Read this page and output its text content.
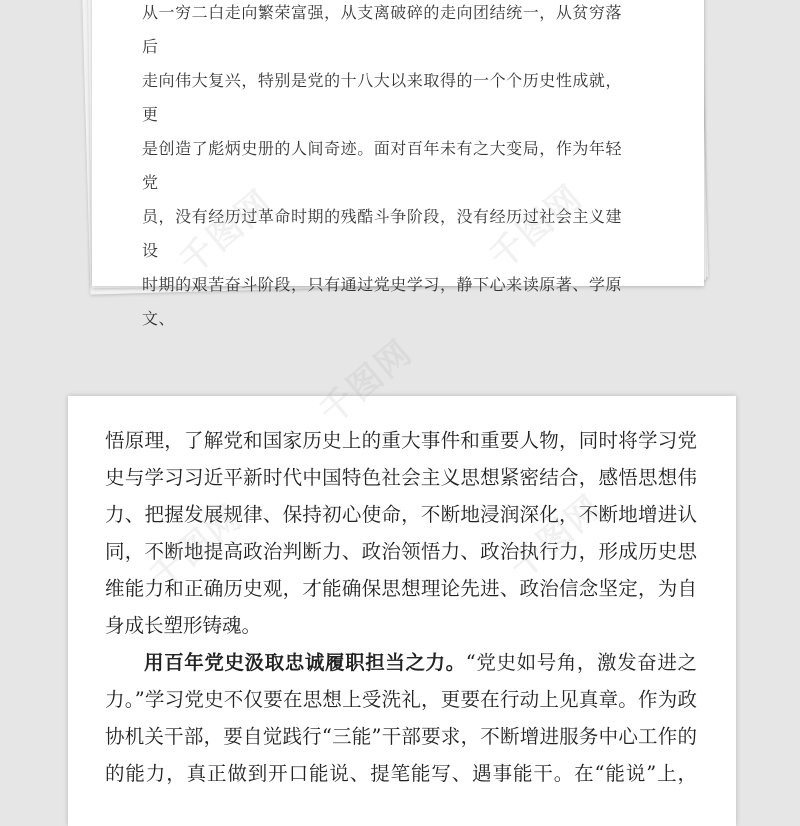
从一穷二白走向繁荣富强，从支离破碎的走向团结统一，从贫穷落后

走向伟大复兴，特别是党的十八大以来取得的一个个历史性成就，更

是创造了彪炳史册的人间奇迹。面对百年未有之大变局，作为年轻党

员，没有经历过革命时期的残酷斗争阶段，没有经历过社会主义建设

时期的艰苦奋斗阶段，只有通过党史学习，静下心来读原著、学原文、

悟原理，了解党和国家历史上的重大事件和重要人物，同时将学习党

史与学习习近平新时代中国特色社会主义思想紧密结合，感悟思想伟

力、把握发展规律、保持初心使命，不断地浸润深化，不断地增进认

同，不断地提高政治判断力、政治领悟力、政治执行力，形成历史思

维能力和正确历史观，才能确保思想理论先进、政治信念坚定，为自

身成长塑形铸魂。

用百年党史汲取忠诚履职担当之力。“党史如号角，激发奋进之

力。”学习党史不仅要在思想上受洗礼，更要在行动上见真章。作为政

协机关干部，要自觉践行“三能”干部要求，不断增进服务中心工作的

的能力，真正做到开口能说、提笔能写、遇事能干。在“能说”上，

千图网
